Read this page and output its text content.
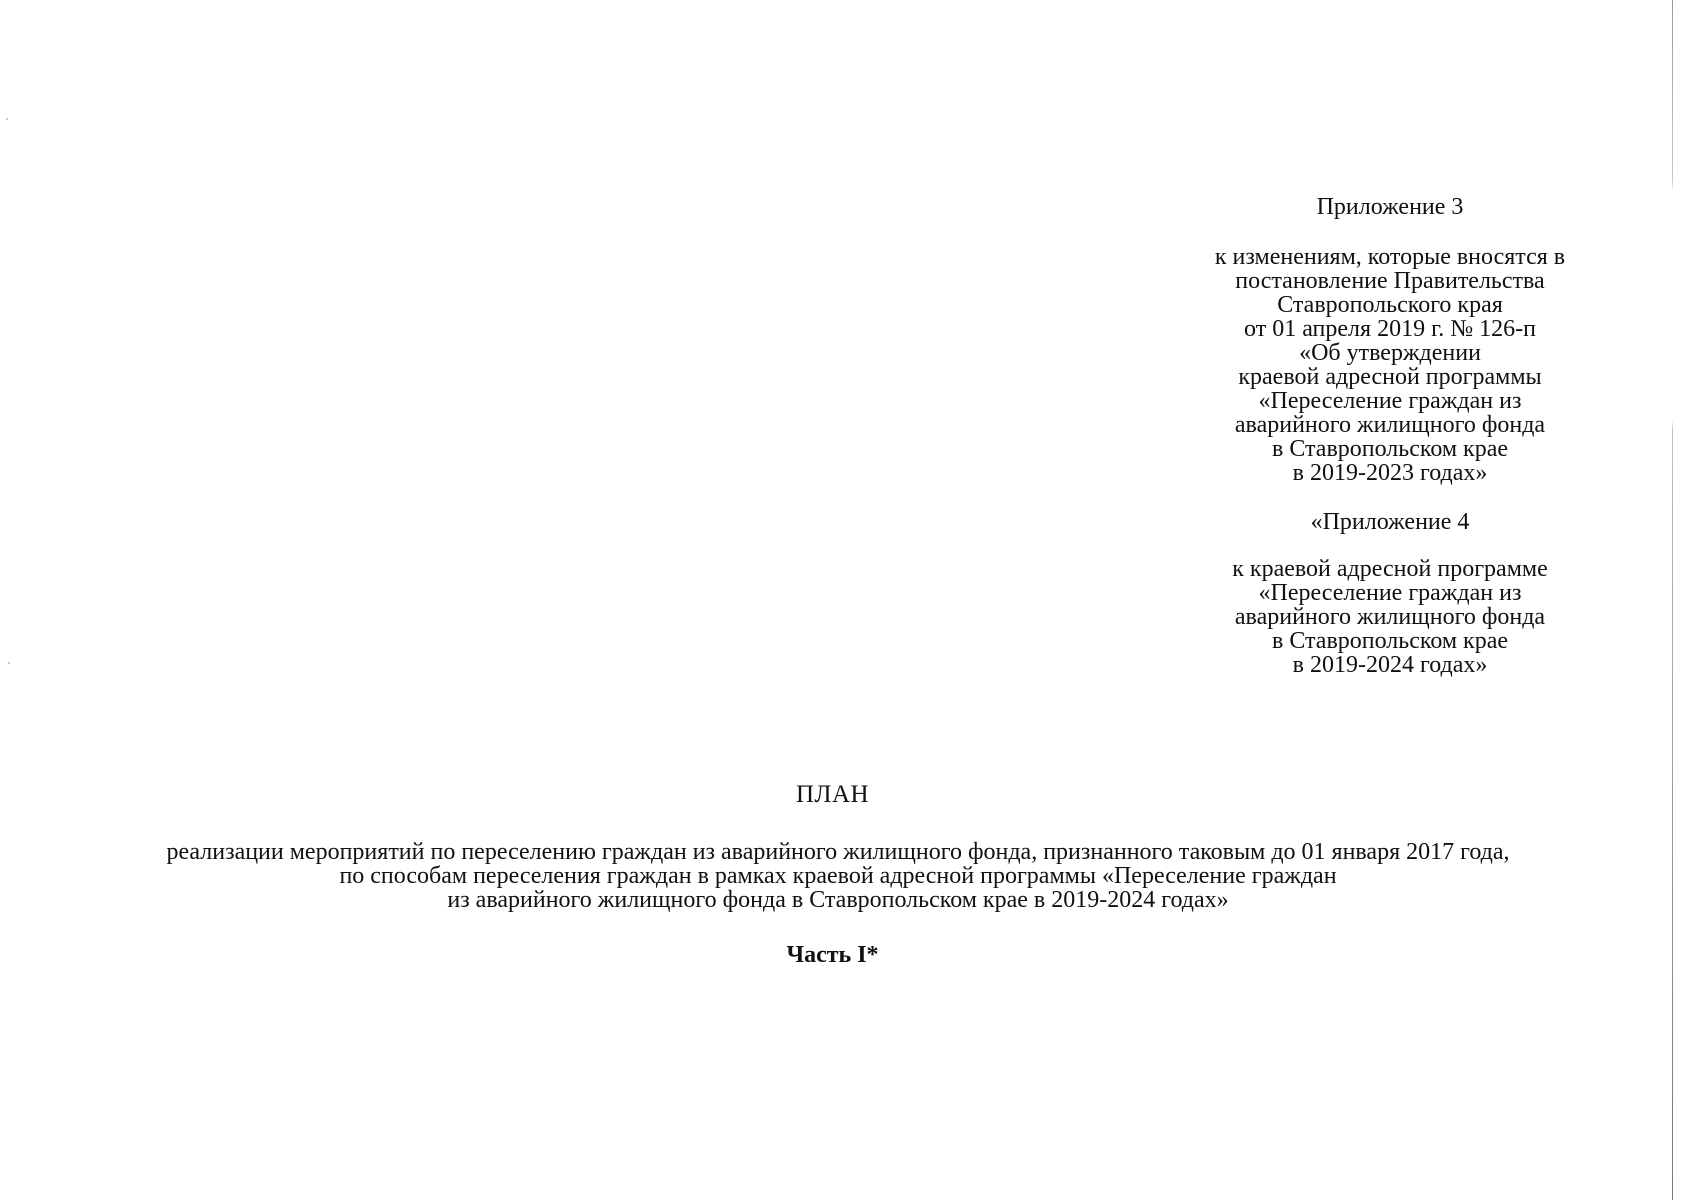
Приложение 3
к изменениям, которые вносятся в
постановление Правительства
Ставропольского края
от 01 апреля 2019 г. № 126-п
«Об утверждении
краевой адресной программы
«Переселение граждан из
аварийного жилищного фонда
в Ставропольском крае
в 2019-2023 годах»
«Приложение 4
к краевой адресной программе
«Переселение граждан из
аварийного жилищного фонда
в Ставропольском крае
в 2019-2024 годах»
ПЛАН
реализации мероприятий по переселению граждан из аварийного жилищного фонда, признанного таковым до 01 января 2017 года,
по способам переселения граждан в рамках краевой адресной программы «Переселение граждан
из аварийного жилищного фонда в Ставропольском крае в 2019-2024 годах»
Часть I*
